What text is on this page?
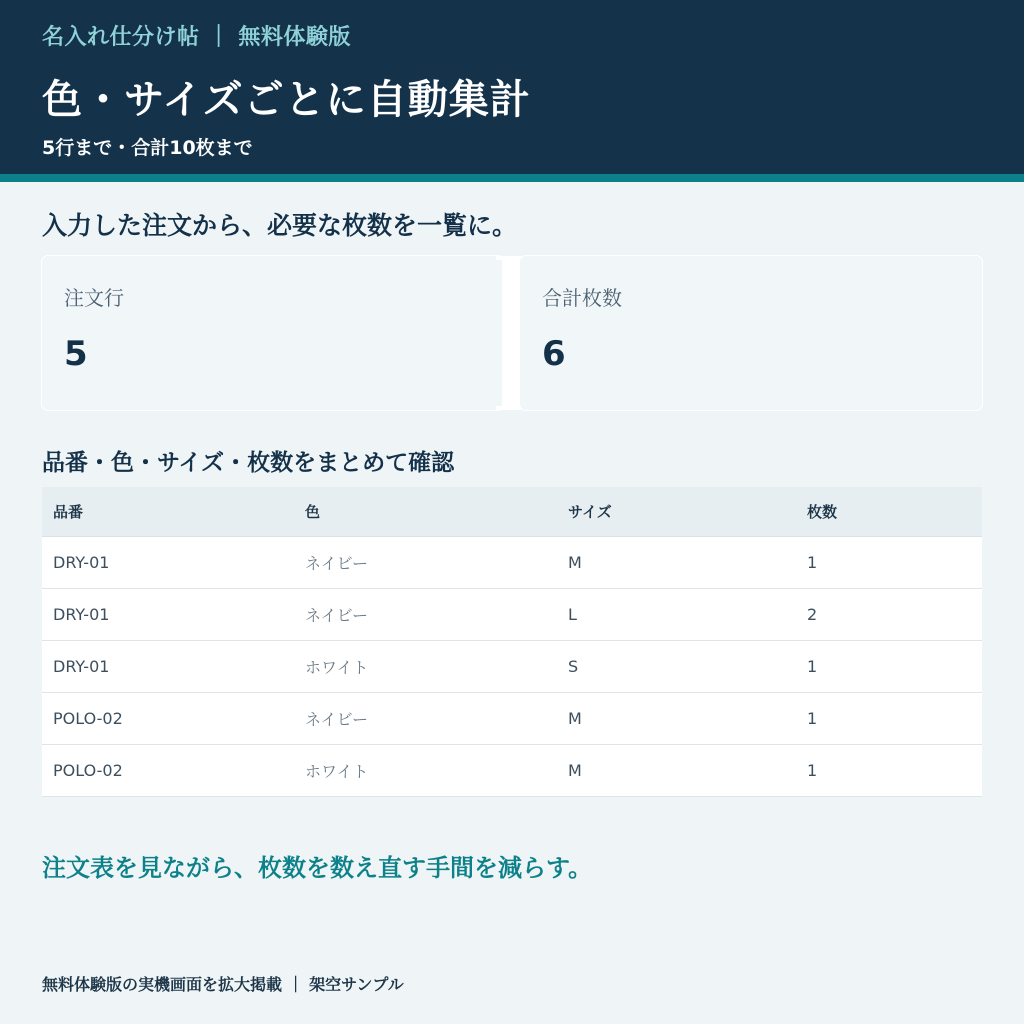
名入れ仕分け帖 ｜ 無料体験版
色・サイズごとに自動集計
5行まで・合計10枚まで
入力した注文から、必要な枚数を一覧に。
注文行
5
合計枚数
6
品番・色・サイズ・枚数をまとめて確認
品番	色	サイズ	枚数
DRY-01	ネイビー	M	1
DRY-01	ネイビー	L	2
DRY-01	ホワイト	S	1
POLO-02	ネイビー	M	1
POLO-02	ホワイト	M	1
注文表を見ながら、枚数を数え直す手間を減らす。
無料体験版の実機画面を拡大掲載 ｜ 架空サンプル
